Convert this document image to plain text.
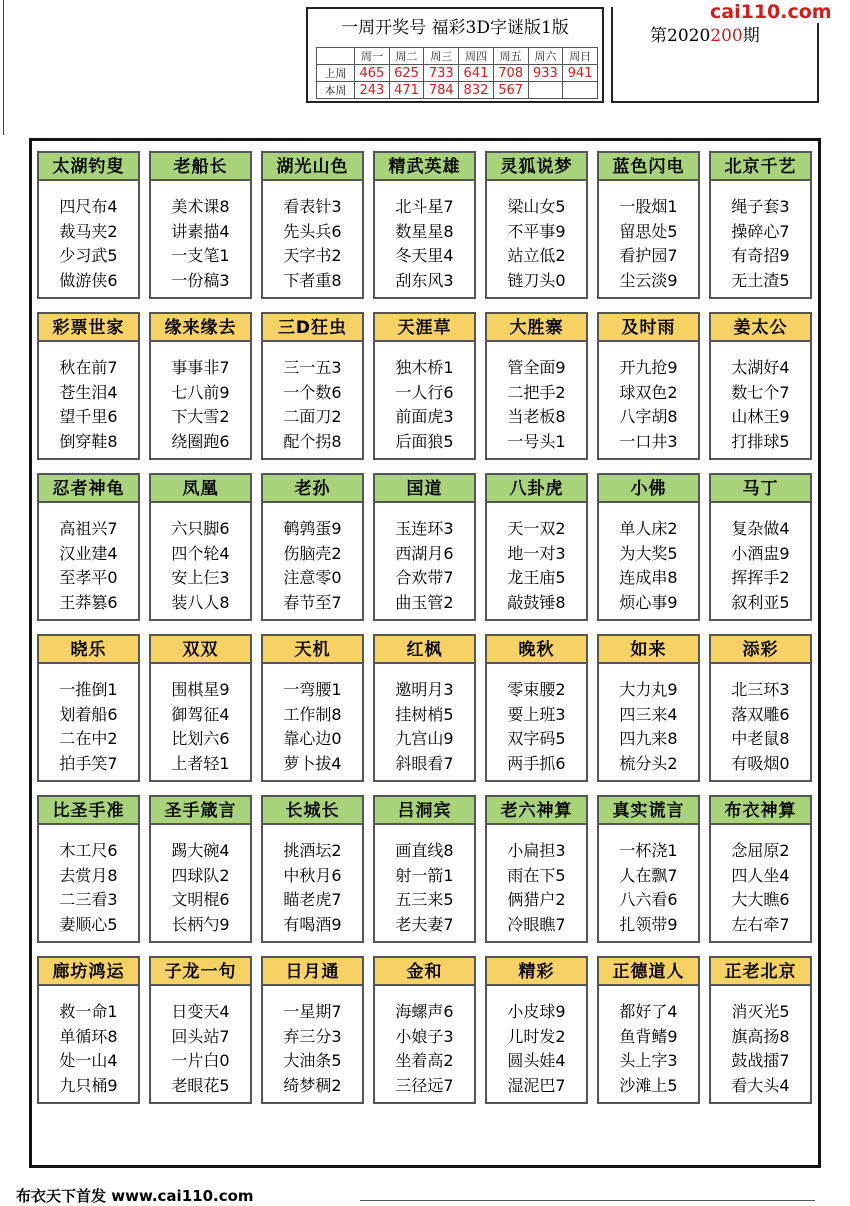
一周开奖号 福彩3D字谜版1版
	周一	周二	周三	周四	周五	周六	周日
上周	465	625	733	641	708	933	941
本周	243	471	784	832	567		
第2020200期
cai110.com
太湖钓叟
四尺布4
裁马夹2
少习武5
做游侠6
老船长
美术课8
讲素描4
一支笔1
一份稿3
湖光山色
看表针3
先头兵6
天字书2
下者重8
精武英雄
北斗星7
数星星8
冬天里4
刮东风3
灵狐说梦
梁山女5
不平事9
站立低2
链刀头0
蓝色闪电
一股烟1
留思处5
看护园7
尘云淡9
北京千艺
绳子套3
操碎心7
有奇招9
无土渣5
彩票世家
秋在前7
苍生泪4
望千里6
倒穿鞋8
缘来缘去
事事非7
七八前9
下大雪2
绕圈跑6
三D狂虫
三一五3
一个数6
二面刀2
配个拐8
天涯草
独木桥1
一人行6
前面虎3
后面狼5
大胜寨
管全面9
二把手2
当老板8
一号头1
及时雨
开九抢9
球双色2
八字胡8
一口井3
姜太公
太湖好4
数七个7
山林王9
打排球5
忍者神龟
高祖兴7
汉业建4
至孝平0
王莽篡6
凤凰
六只脚6
四个轮4
安上仨3
装八人8
老孙
鹌鹑蛋9
伤脑壳2
注意零0
春节至7
国道
玉连环3
西湖月6
合欢带7
曲玉管2
八卦虎
天一双2
地一对3
龙王庙5
敲鼓锤8
小佛
单人床2
为大奖5
连成串8
烦心事9
马丁
复杂做4
小酒盅9
挥挥手2
叙利亚5
晓乐
一推倒1
划着船6
二在中2
拍手笑7
双双
围棋星9
御驾征4
比划六6
上者轻1
天机
一弯腰1
工作制8
靠心边0
萝卜拔4
红枫
邀明月3
挂树梢5
九宫山9
斜眼看7
晚秋
零束腰2
要上班3
双字码5
两手抓6
如来
大力丸9
四三来4
四九来8
梳分头2
添彩
北三环3
落双雕6
中老鼠8
有吸烟0
比圣手准
木工尺6
去赏月8
二三看3
妻顺心5
圣手箴言
踢大碗4
四球队2
文明棍6
长柄勺9
长城长
挑酒坛2
中秋月6
瞄老虎7
有喝酒9
吕洞宾
画直线8
射一箭1
五三来5
老夫妻7
老六神算
小扁担3
雨在下5
俩猎户2
冷眼瞧7
真实谎言
一杯浇1
人在飘7
八六看6
扎领带9
布衣神算
念屈原2
四人坐4
大大瞧6
左右牵7
廊坊鸿运
救一命1
单循环8
处一山4
九只桶9
子龙一句
日变天4
回头站7
一片白0
老眼花5
日月通
一星期7
弃三分3
大油条5
绮梦稠2
金和
海螺声6
小娘子3
坐着高2
三径远7
精彩
小皮球9
儿时发2
圆头娃4
湿泥巴7
正德道人
都好了4
鱼背鳍9
头上字3
沙滩上5
正老北京
消灭光5
旗高扬8
鼓战擂7
看大头4
布衣天下首发 www.cai110.com
